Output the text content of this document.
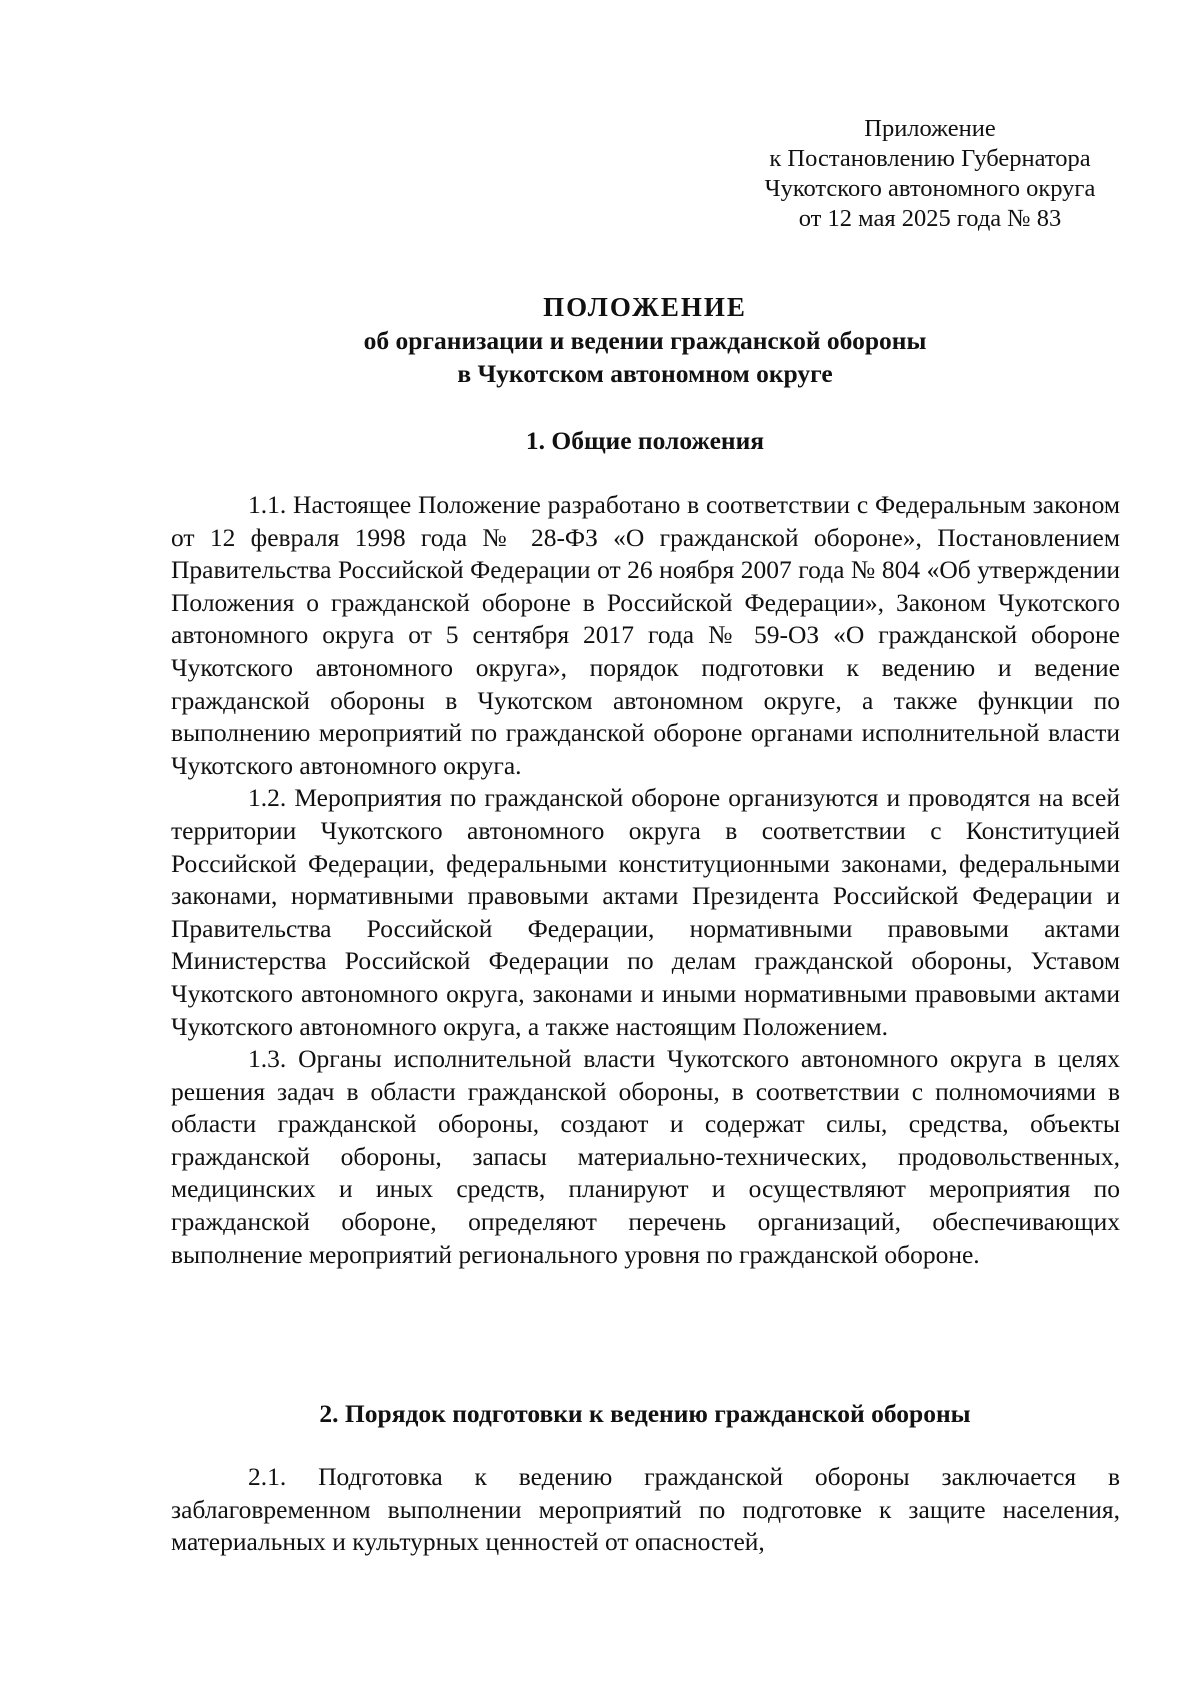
Приложение
к Постановлению Губернатора
Чукотского автономного округа
от 12 мая 2025 года № 83
ПОЛОЖЕНИЕ
об организации и ведении гражданской обороны
в Чукотском автономном округе
1. Общие положения

1.1. Настоящее Положение разработано в соответствии с Федеральным законом от 12 февраля 1998 года № 28-ФЗ «О гражданской обороне», Постановлением Правительства Российской Федерации от 26 ноября 2007 года № 804 «Об утверждении Положения о гражданской обороне в Российской Федерации», Законом Чукотского автономного округа от 5 сентября 2017 года № 59-ОЗ «О гражданской обороне Чукотского автономного округа», порядок подготовки к ведению и ведение гражданской обороны в Чукотском автономном округе, а также функции по выполнению мероприятий по гражданской обороне органами исполнительной власти Чукотского автономного округа.

1.2. Мероприятия по гражданской обороне организуются и проводятся на всей территории Чукотского автономного округа в соответствии с Конституцией Российской Федерации, федеральными конституционными законами, федеральными законами, нормативными правовыми актами Президента Российской Федерации и Правительства Российской Федерации, нормативными правовыми актами Министерства Российской Федерации по делам гражданской обороны, Уставом Чукотского автономного округа, законами и иными нормативными правовыми актами Чукотского автономного округа, а также настоящим Положением.

1.3. Органы исполнительной власти Чукотского автономного округа в целях решения задач в области гражданской обороны, в соответствии с полномочиями в области гражданской обороны, создают и содержат силы, средства, объекты гражданской обороны, запасы материально-технических, продовольственных, медицинских и иных средств, планируют и осуществляют мероприятия по гражданской обороне, определяют перечень организаций, обеспечивающих выполнение мероприятий регионального уровня по гражданской обороне.

2. Порядок подготовки к ведению гражданской обороны

2.1. Подготовка к ведению гражданской обороны заключается в заблаговременном выполнении мероприятий по подготовке к защите населения, материальных и культурных ценностей от опасностей,
